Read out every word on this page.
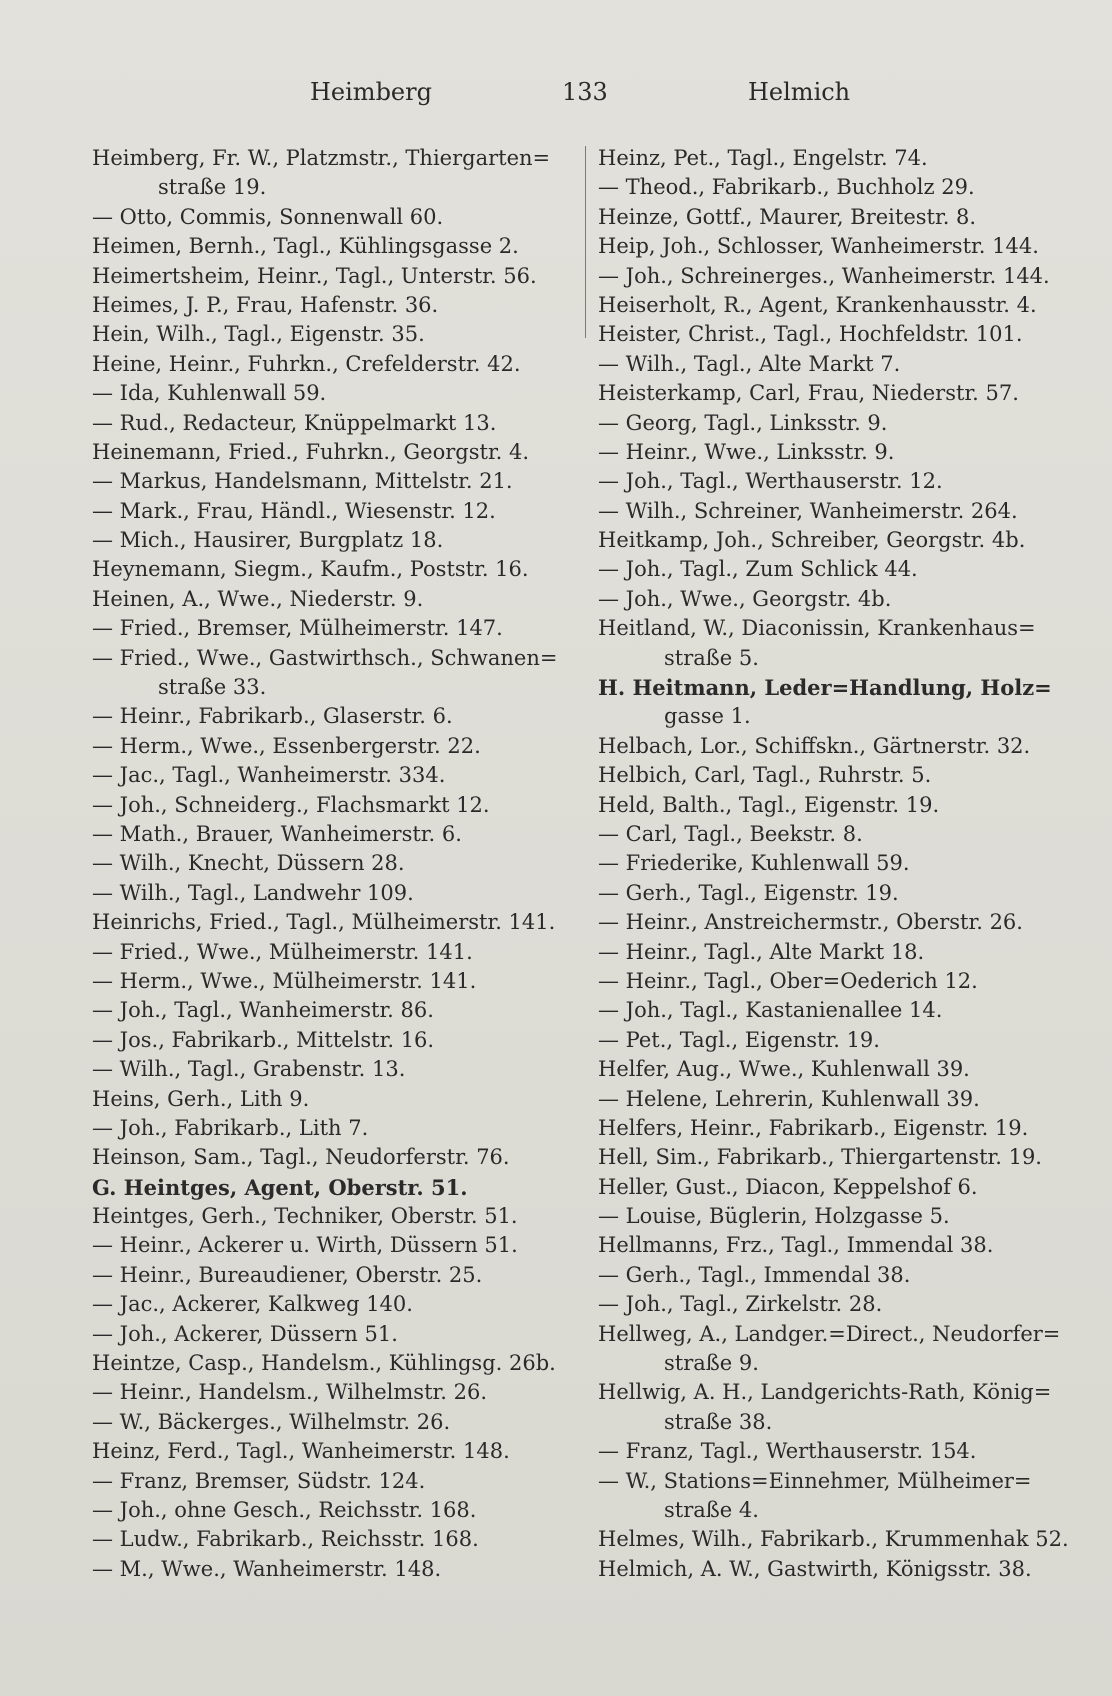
Heimberg	133	Helmich
Heimberg, Fr. W., Platzmstr., Thiergarten=
straße 19.
— Otto, Commis, Sonnenwall 60.
Heimen, Bernh., Tagl., Kühlingsgasse 2.
Heimertsheim, Heinr., Tagl., Unterstr. 56.
Heimes, J. P., Frau, Hafenstr. 36.
Hein, Wilh., Tagl., Eigenstr. 35.
Heine, Heinr., Fuhrkn., Crefelderstr. 42.
— Ida, Kuhlenwall 59.
— Rud., Redacteur, Knüppelmarkt 13.
Heinemann, Fried., Fuhrkn., Georgstr. 4.
— Markus, Handelsmann, Mittelstr. 21.
— Mark., Frau, Händl., Wiesenstr. 12.
— Mich., Hausirer, Burgplatz 18.
Heynemann, Siegm., Kaufm., Poststr. 16.
Heinen, A., Wwe., Niederstr. 9.
— Fried., Bremser, Mülheimerstr. 147.
— Fried., Wwe., Gastwirthsch., Schwanen=
straße 33.
— Heinr., Fabrikarb., Glaserstr. 6.
— Herm., Wwe., Essenbergerstr. 22.
— Jac., Tagl., Wanheimerstr. 334.
— Joh., Schneiderg., Flachsmarkt 12.
— Math., Brauer, Wanheimerstr. 6.
— Wilh., Knecht, Düssern 28.
— Wilh., Tagl., Landwehr 109.
Heinrichs, Fried., Tagl., Mülheimerstr. 141.
— Fried., Wwe., Mülheimerstr. 141.
— Herm., Wwe., Mülheimerstr. 141.
— Joh., Tagl., Wanheimerstr. 86.
— Jos., Fabrikarb., Mittelstr. 16.
— Wilh., Tagl., Grabenstr. 13.
Heins, Gerh., Lith 9.
— Joh., Fabrikarb., Lith 7.
Heinson, Sam., Tagl., Neudorferstr. 76.
G. Heintges, Agent, Oberstr. 51.
Heintges, Gerh., Techniker, Oberstr. 51.
— Heinr., Ackerer u. Wirth, Düssern 51.
— Heinr., Bureaudiener, Oberstr. 25.
— Jac., Ackerer, Kalkweg 140.
— Joh., Ackerer, Düssern 51.
Heintze, Casp., Handelsm., Kühlingsg. 26b.
— Heinr., Handelsm., Wilhelmstr. 26.
— W., Bäckerges., Wilhelmstr. 26.
Heinz, Ferd., Tagl., Wanheimerstr. 148.
— Franz, Bremser, Südstr. 124.
— Joh., ohne Gesch., Reichsstr. 168.
— Ludw., Fabrikarb., Reichsstr. 168.
— M., Wwe., Wanheimerstr. 148.
Heinz, Pet., Tagl., Engelstr. 74.
— Theod., Fabrikarb., Buchholz 29.
Heinze, Gottf., Maurer, Breitestr. 8.
Heip, Joh., Schlosser, Wanheimerstr. 144.
— Joh., Schreinerges., Wanheimerstr. 144.
Heiserholt, R., Agent, Krankenhausstr. 4.
Heister, Christ., Tagl., Hochfeldstr. 101.
— Wilh., Tagl., Alte Markt 7.
Heisterkamp, Carl, Frau, Niederstr. 57.
— Georg, Tagl., Linksstr. 9.
— Heinr., Wwe., Linksstr. 9.
— Joh., Tagl., Werthauserstr. 12.
— Wilh., Schreiner, Wanheimerstr. 264.
Heitkamp, Joh., Schreiber, Georgstr. 4b.
— Joh., Tagl., Zum Schlick 44.
— Joh., Wwe., Georgstr. 4b.
Heitland, W., Diaconissin, Krankenhaus=
straße 5.
H. Heitmann, Leder=Handlung, Holz=
gasse 1.
Helbach, Lor., Schiffskn., Gärtnerstr. 32.
Helbich, Carl, Tagl., Ruhrstr. 5.
Held, Balth., Tagl., Eigenstr. 19.
— Carl, Tagl., Beekstr. 8.
— Friederike, Kuhlenwall 59.
— Gerh., Tagl., Eigenstr. 19.
— Heinr., Anstreichermstr., Oberstr. 26.
— Heinr., Tagl., Alte Markt 18.
— Heinr., Tagl., Ober=Oederich 12.
— Joh., Tagl., Kastanienallee 14.
— Pet., Tagl., Eigenstr. 19.
Helfer, Aug., Wwe., Kuhlenwall 39.
— Helene, Lehrerin, Kuhlenwall 39.
Helfers, Heinr., Fabrikarb., Eigenstr. 19.
Hell, Sim., Fabrikarb., Thiergartenstr. 19.
Heller, Gust., Diacon, Keppelshof 6.
— Louise, Büglerin, Holzgasse 5.
Hellmanns, Frz., Tagl., Immendal 38.
— Gerh., Tagl., Immendal 38.
— Joh., Tagl., Zirkelstr. 28.
Hellweg, A., Landger.=Direct., Neudorfer=
straße 9.
Hellwig, A. H., Landgerichts-Rath, König=
straße 38.
— Franz, Tagl., Werthauserstr. 154.
— W., Stations=Einnehmer, Mülheimer=
straße 4.
Helmes, Wilh., Fabrikarb., Krummenhak 52.
Helmich, A. W., Gastwirth, Königsstr. 38.
